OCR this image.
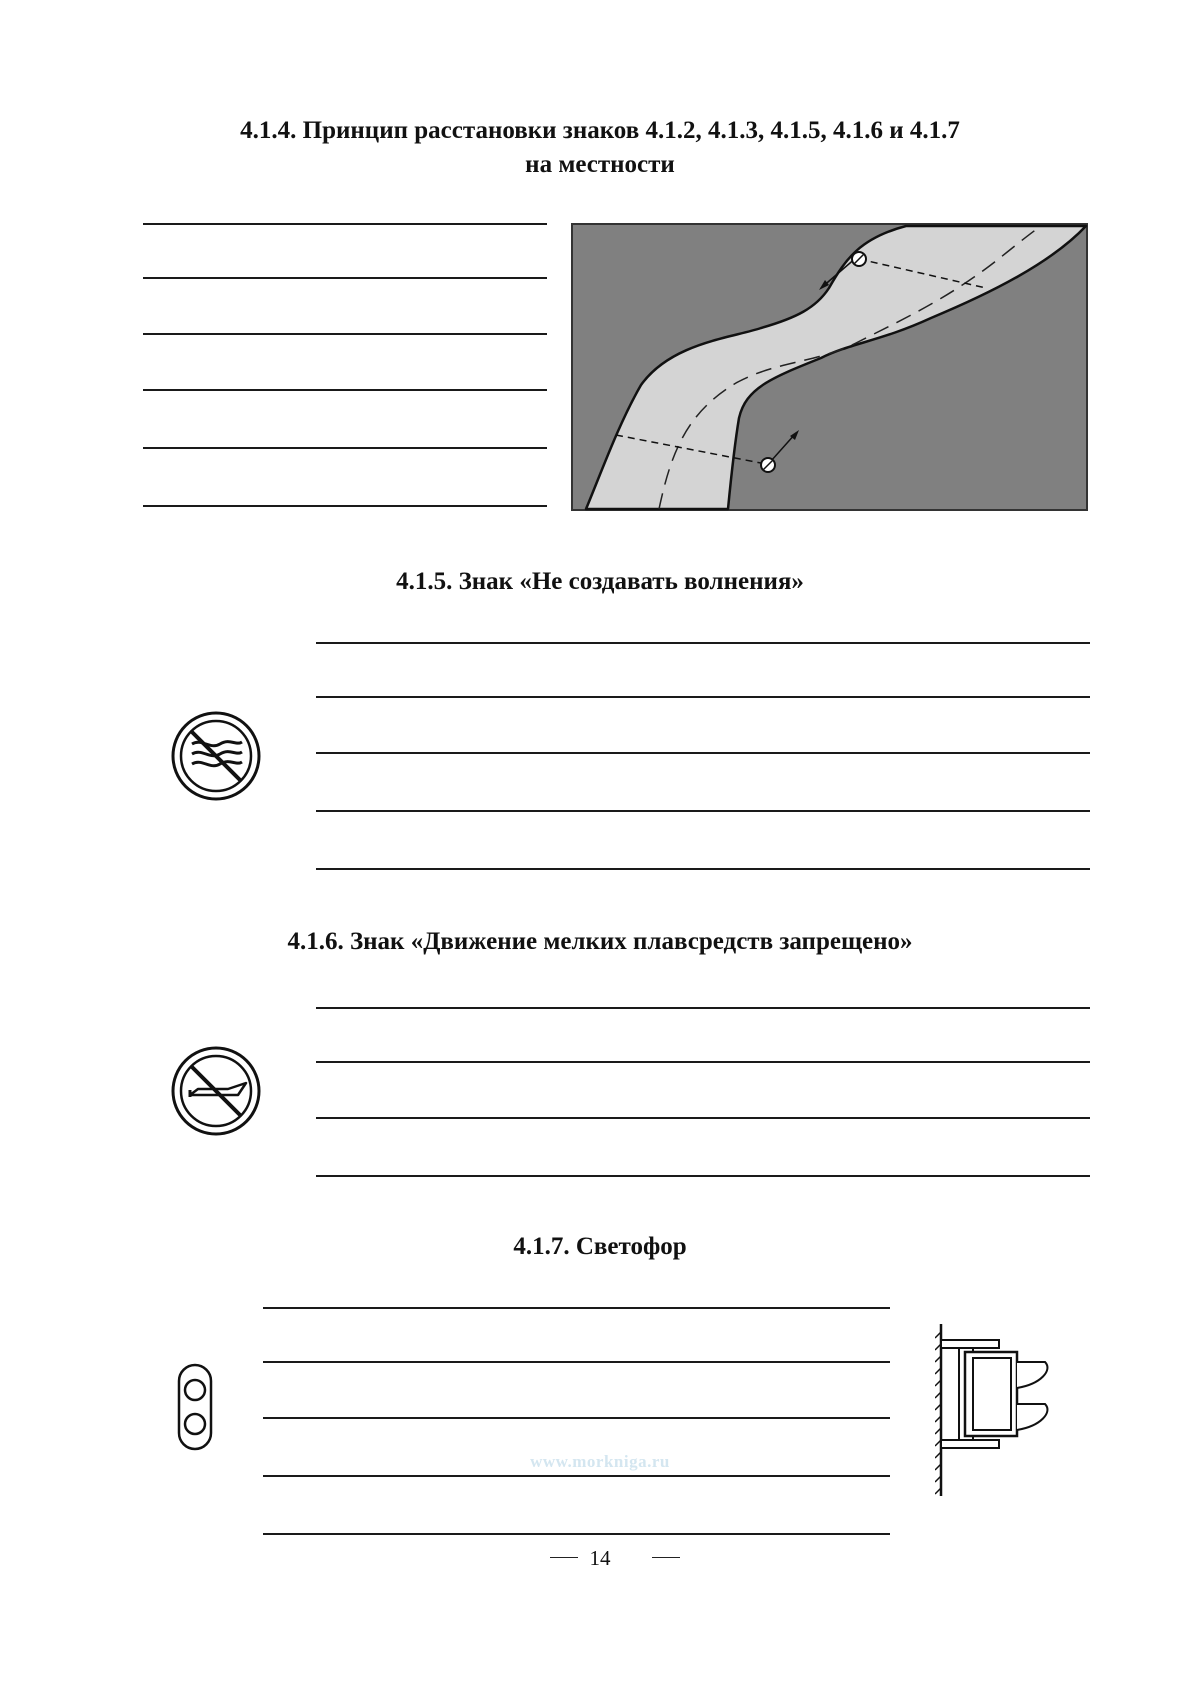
4.1.4. Принцип расстановки знаков 4.1.2, 4.1.3, 4.1.5, 4.1.6 и 4.1.7
на местности
4.1.5. Знак «Не создавать волнения»
4.1.6. Знак «Движение мелких плавсредств запрещено»
4.1.7. Светофор
www.morkniga.ru
14
